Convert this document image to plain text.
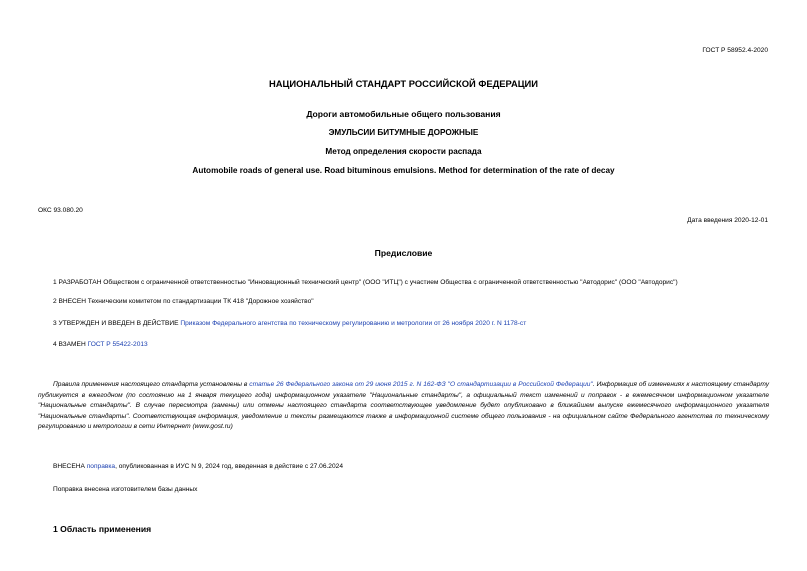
ГОСТ Р 58952.4-2020
НАЦИОНАЛЬНЫЙ СТАНДАРТ РОССИЙСКОЙ ФЕДЕРАЦИИ
Дороги автомобильные общего пользования
ЭМУЛЬСИИ БИТУМНЫЕ ДОРОЖНЫЕ
Метод определения скорости распада
Automobile roads of general use. Road bituminous emulsions. Method for determination of the rate of decay
ОКС 93.080.20
Дата введения 2020-12-01
Предисловие
1 РАЗРАБОТАН Обществом с ограниченной ответственностью "Инновационный технический центр" (ООО "ИТЦ") с участием Общества с ограниченной ответственностью "Автодорис" (ООО "Автодорис")
2 ВНЕСЕН Техническим комитетом по стандартизации ТК 418 "Дорожное хозяйство"
3 УТВЕРЖДЕН И ВВЕДЕН В ДЕЙСТВИЕ Приказом Федерального агентства по техническому регулированию и метрологии от 26 ноября 2020 г. N 1178-ст
4 ВЗАМЕН ГОСТ Р 55422-2013
Правила применения настоящего стандарта установлены в статье 26 Федерального закона от 29 июня 2015 г. N 162-ФЗ "О стандартизации в Российской Федерации". Информация об изменениях к настоящему стандарту публикуется в ежегодном (по состоянию на 1 января текущего года) информационном указателе "Национальные стандарты", а официальный текст изменений и поправок - в ежемесячном информационном указателе "Национальные стандарты". В случае пересмотра (замены) или отмены настоящего стандарта соответствующее уведомление будет опубликовано в ближайшем выпуске ежемесячного информационного указателя "Национальные стандарты". Соответствующая информация, уведомление и тексты размещаются также в информационной системе общего пользования - на официальном сайте Федерального агентства по техническому регулированию и метрологии в сети Интернет (www.gost.ru)
ВНЕСЕНА поправка, опубликованная в ИУС N 9, 2024 год, введенная в действие с 27.06.2024
Поправка внесена изготовителем базы данных
1 Область применения
